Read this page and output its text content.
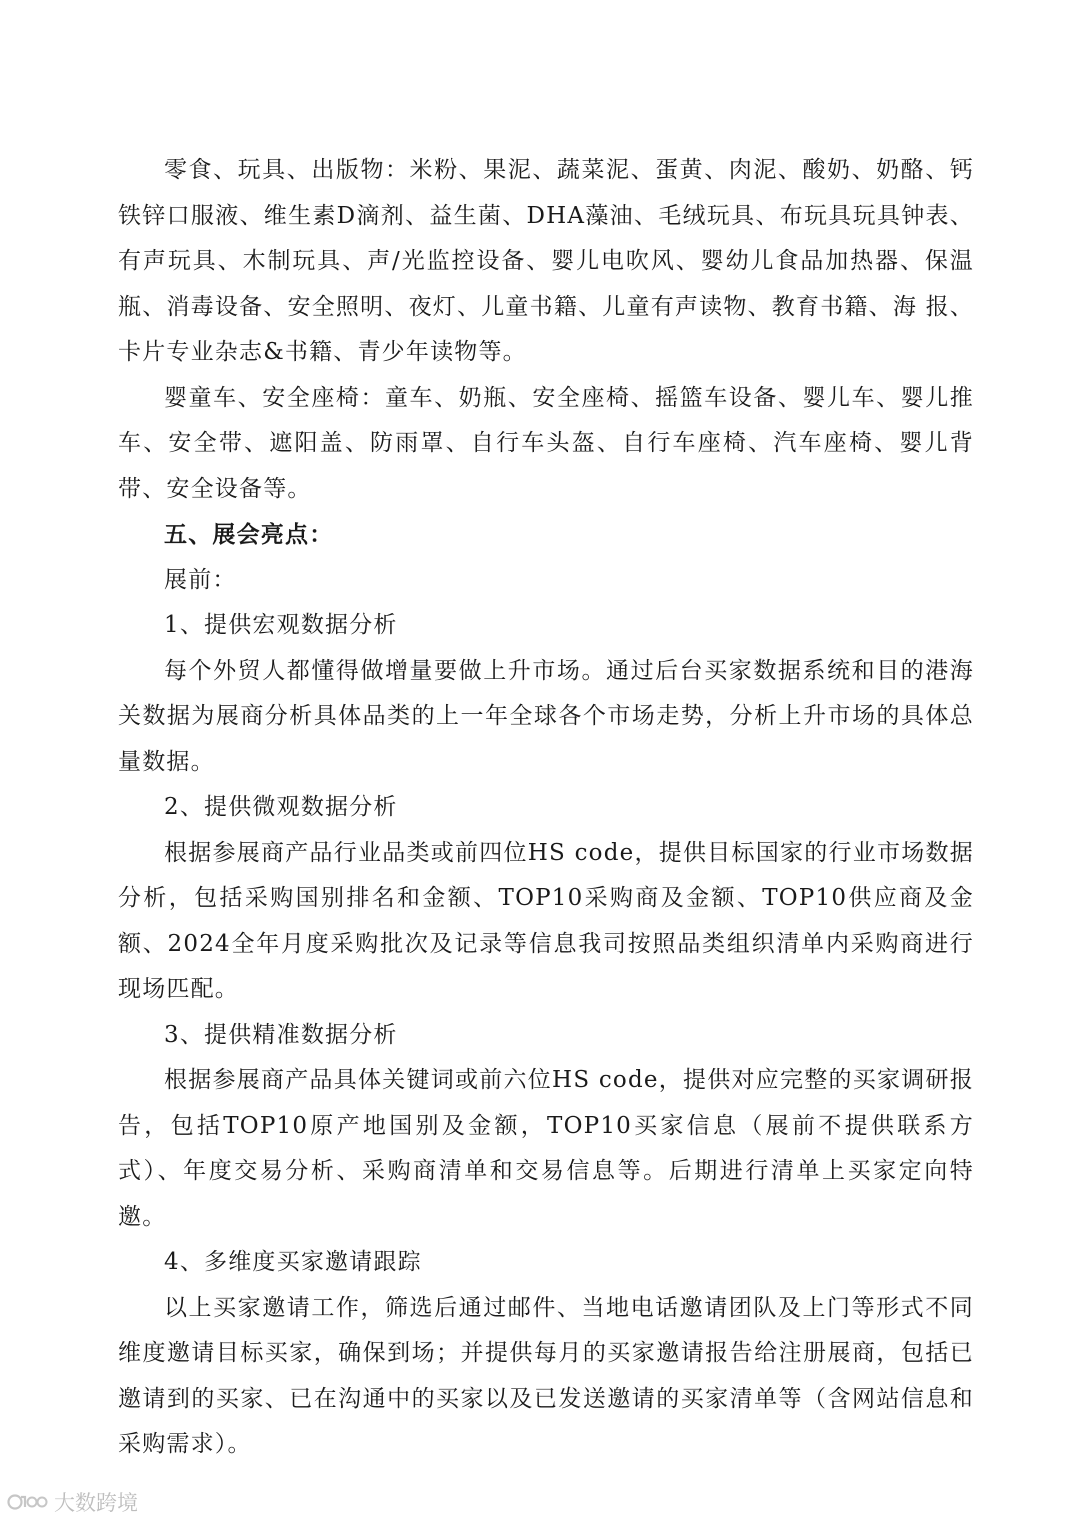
零食、玩具、出版物：米粉、果泥、蔬菜泥、蛋黄、肉泥、酸奶、奶酪、钙铁锌口服液、维生素D滴剂、益生菌、DHA藻油、毛绒玩具、布玩具玩具钟表、有声玩具、木制玩具、声/光监控设备、婴儿电吹风、婴幼儿食品加热器、保温瓶、消毒设备、安全照明、夜灯、儿童书籍、儿童有声读物、教育书籍、海 报、卡片专业杂志&书籍、青少年读物等。

婴童车、安全座椅：童车、奶瓶、安全座椅、摇篮车设备、婴儿车、婴儿推车、安全带、遮阳盖、防雨罩、自行车头盔、自行车座椅、汽车座椅、婴儿背带、安全设备等。

五、展会亮点：

展前：

1、提供宏观数据分析

每个外贸人都懂得做增量要做上升市场。通过后台买家数据系统和目的港海关数据为展商分析具体品类的上一年全球各个市场走势，分析上升市场的具体总量数据。

2、提供微观数据分析

根据参展商产品行业品类或前四位HS code，提供目标国家的行业市场数据分析，包括采购国别排名和金额、TOP10采购商及金额、TOP10供应商及金额、2024全年月度采购批次及记录等信息我司按照品类组织清单内采购商进行现场匹配。

3、提供精准数据分析

根据参展商产品具体关键词或前六位HS code，提供对应完整的买家调研报告，包括TOP10原产地国别及金额，TOP10买家信息（展前不提供联系方式）、年度交易分析、采购商清单和交易信息等。后期进行清单上买家定向特邀。

4、多维度买家邀请跟踪

以上买家邀请工作，筛选后通过邮件、当地电话邀请团队及上门等形式不同维度邀请目标买家，确保到场；并提供每月的买家邀请报告给注册展商，包括已邀请到的买家、已在沟通中的买家以及已发送邀请的买家清单等（含网站信息和采购需求）。

大数跨境
